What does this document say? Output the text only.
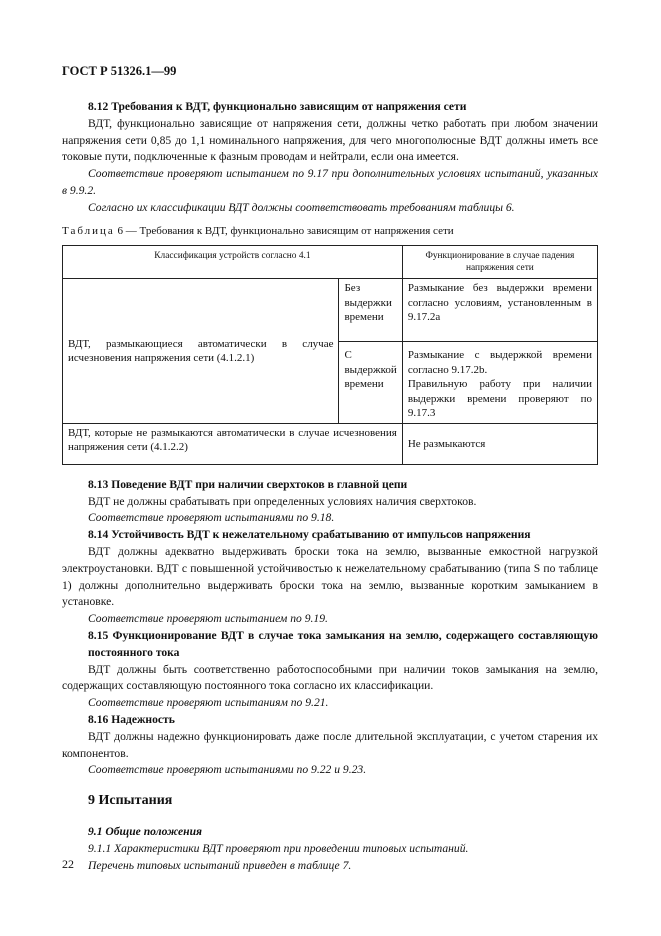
ГОСТ Р 51326.1—99

8.12 Требования к ВДТ, функционально зависящим от напряжения сети

ВДТ, функционально зависящие от напряжения сети, должны четко работать при любом значении напряжения сети 0,85 до 1,1 номинального напряжения, для чего многополюсные ВДТ должны иметь все токовые пути, подключенные к фазным проводам и нейтрали, если она имеется.

Соответствие проверяют испытанием по 9.17 при дополнительных условиях испытаний, указанных в 9.9.2.

Согласно их классификации ВДТ должны соответствовать требованиям таблицы 6.

Таблица 6 — Требования к ВДТ, функционально зависящим от напряжения сети

Классификация устройств согласно 4.1		Функционирование в случае падения напряжения сети
ВДТ, размыкающиеся автоматически в случае исчезновения напряжения сети (4.1.2.1)	Без выдержки времени	Размыкание без выдержки времени согласно условиям, установленным в 9.17.2a
	С выдержкой времени	Размыкание с выдержкой времени согласно 9.17.2b.
Правильную работу при наличии выдержки времени проверяют по 9.17.3

ВДТ, которые не размыкаются автоматически в случае исчезновения напряжения сети (4.1.2.2)		Не размыкаются

8.13 Поведение ВДТ при наличии сверхтоков в главной цепи

ВДТ не должны срабатывать при определенных условиях наличия сверхтоков.

Соответствие проверяют испытаниями по 9.18.

8.14 Устойчивость ВДТ к нежелательному срабатыванию от импульсов напряжения

ВДТ должны адекватно выдерживать броски тока на землю, вызванные емкостной нагрузкой электроустановки. ВДТ с повышенной устойчивостью к нежелательному срабатыванию (типа S по таблице 1) должны дополнительно выдерживать броски тока на землю, вызванные коротким замыканием в установке.

Соответствие проверяют испытанием по 9.19.

8.15 Функционирование ВДТ в случае тока замыкания на землю, содержащего составляющую постоянного тока

ВДТ должны быть соответственно работоспособными при наличии токов замыкания на землю, содержащих составляющую постоянного тока согласно их классификации.

Соответствие проверяют испытаниям по 9.21.

8.16 Надежность

ВДТ должны надежно функционировать даже после длительной эксплуатации, с учетом старения их компонентов.

Соответствие проверяют испытаниями по 9.22 и 9.23.

9 Испытания

9.1 Общие положения

9.1.1 Характеристики ВДТ проверяют при проведении типовых испытаний.

Перечень типовых испытаний приведен в таблице 7.

22
